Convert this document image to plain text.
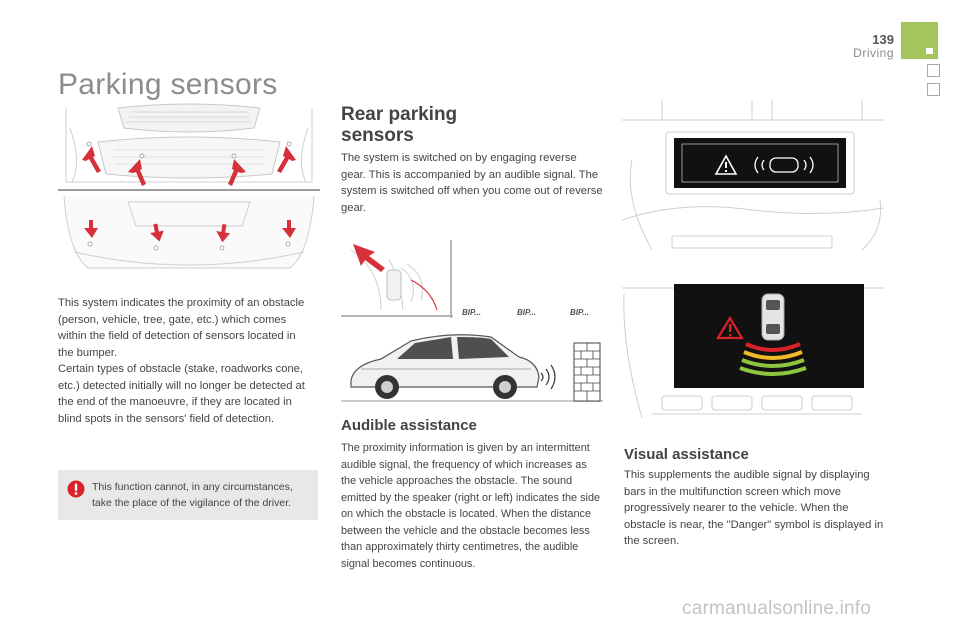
139
Driving
Parking sensors

This system indicates the proximity of an obstacle (person, vehicle, tree, gate, etc.) which comes within the field of detection of sensors located in the bumper.

Certain types of obstacle (stake, roadworks cone, etc.) detected initially will no longer be detected at the end of the manoeuvre, if they are located in blind spots in the sensors' field of detection.

This function cannot, in any circumstances, take the place of the vigilance of the driver.
Rear parking
sensors
The system is switched on by engaging reverse gear. This is accompanied by an audible signal. The system is switched off when you come out of reverse gear.
BIP...	BIP...	BIP...
Audible assistance
The proximity information is given by an intermittent audible signal, the frequency of which increases as the vehicle approaches the obstacle. The sound emitted by the speaker (right or left) indicates the side on which the obstacle is located. When the distance between the vehicle and the obstacle becomes less than approximately thirty centimetres, the audible signal becomes continuous.
Visual assistance
This supplements the audible signal by displaying bars in the multifunction screen which move progressively nearer to the vehicle. When the obstacle is near, the "Danger" symbol is displayed in the screen.
carmanualsonline.info
